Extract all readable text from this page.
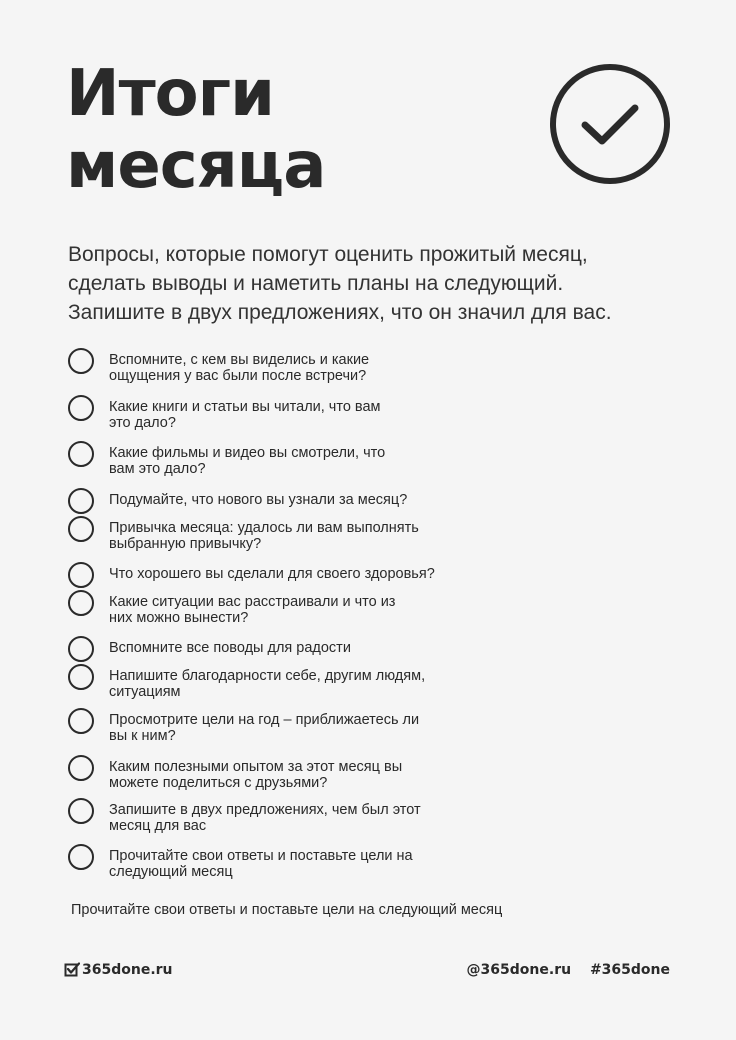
Итоги
месяца
Вопросы, которые помогут оценить прожитый месяц,
сделать выводы и наметить планы на следующий.
Запишите в двух предложениях, что он значил для вас.
Вспомните, с кем вы виделись и какие
ощущения у вас были после встречи?
Какие книги и статьи вы читали, что вам
это дало?
Какие фильмы и видео вы смотрели, что
вам это дало?
Подумайте, что нового вы узнали за месяц?
Привычка месяца: удалось ли вам выполнять
выбранную привычку?
Что хорошего вы сделали для своего здоровья?
Какие ситуации вас расстраивали и что из
них можно вынести?
Вспомните все поводы для радости
Напишите благодарности себе, другим людям,
ситуациям
Просмотрите цели на год – приближаетесь ли
вы к ним?
Каким полезными опытом за этот месяц вы
можете поделиться с друзьями?
Запишите в двух предложениях, чем был этот
месяц для вас
Прочитайте свои ответы и поставьте цели на
следующий месяц
Прочитайте свои ответы и поставьте цели на следующий месяц
365done.ru	@365done.ru #365done
